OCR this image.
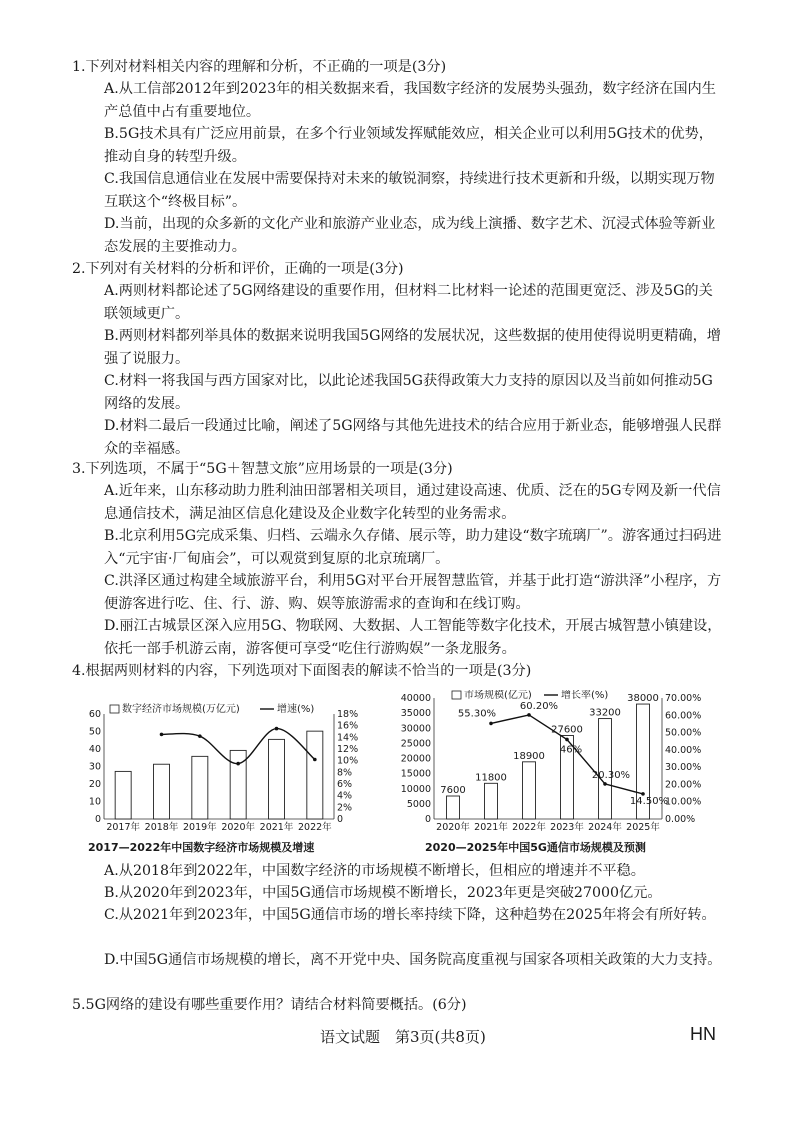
1.下列对材料相关内容的理解和分析，不正确的一项是(3分)
A.从工信部2012年到2023年的相关数据来看，我国数字经济的发展势头强劲，数字经济在国内生产总值中占有重要地位。
B.5G技术具有广泛应用前景，在多个行业领域发挥赋能效应，相关企业可以利用5G技术的优势，推动自身的转型升级。
C.我国信息通信业在发展中需要保持对未来的敏锐洞察，持续进行技术更新和升级，以期实现万物互联这个“终极目标”。
D.当前，出现的众多新的文化产业和旅游产业业态，成为线上演播、数字艺术、沉浸式体验等新业态发展的主要推动力。
2.下列对有关材料的分析和评价，正确的一项是(3分)
A.两则材料都论述了5G网络建设的重要作用，但材料二比材料一论述的范围更宽泛、涉及5G的关联领域更广。
B.两则材料都列举具体的数据来说明我国5G网络的发展状况，这些数据的使用使得说明更精确，增强了说服力。
C.材料一将我国与西方国家对比，以此论述我国5G获得政策大力支持的原因以及当前如何推动5G网络的发展。
D.材料二最后一段通过比喻，阐述了5G网络与其他先进技术的结合应用于新业态，能够增强人民群众的幸福感。
3.下列选项，不属于“5G＋智慧文旅”应用场景的一项是(3分)
A.近年来，山东移动助力胜利油田部署相关项目，通过建设高速、优质、泛在的5G专网及新一代信息通信技术，满足油区信息化建设及企业数字化转型的业务需求。
B.北京利用5G完成采集、归档、云端永久存储、展示等，助力建设“数字琉璃厂”。游客通过扫码进入“元宇宙·厂甸庙会”，可以观赏到复原的北京琉璃厂。
C.洪泽区通过构建全域旅游平台，利用5G对平台开展智慧监管，并基于此打造“游洪泽”小程序，方便游客进行吃、住、行、游、购、娱等旅游需求的查询和在线订购。
D.丽江古城景区深入应用5G、物联网、大数据、人工智能等数字化技术，开展古城智慧小镇建设，依托一部手机游云南，游客便可享受“吃住行游购娱”一条龙服务。
4.根据两则材料的内容，下列选项对下面图表的解读不恰当的一项是(3分)
0
10
20
30
40
50
60
0
2%
4%
6%
8%
10%
12%
14%
16%
18%
2017年 2018年 2019年 2020年 2021年 2022年
数字经济市场规模(万亿元)	增速(%)
0
5000
10000
15000
20000
25000
30000
35000
40000
0.00%
10.00%
20.00%
30.00%
40.00%
50.00%
60.00%
70.00%
7600
11800
18900
27600
33200
38000
2020年 2021年 2022年 2023年 2024年 2025年
55.30%
60.20%
46%
20.30%
14.50%
市场规模(亿元)	增长率(%)
2017—2022年中国数字经济市场规模及增速	2020—2025年中国5G通信市场规模及预测
A.从2018年到2022年，中国数字经济的市场规模不断增长，但相应的增速并不平稳。
B.从2020年到2023年，中国5G通信市场规模不断增长，2023年更是突破27000亿元。
C.从2021年到2023年，中国5G通信市场的增长率持续下降，这种趋势在2025年将会有所好转。
D.中国5G通信市场规模的增长，离不开党中央、国务院高度重视与国家各项相关政策的大力支持。
5.5G网络的建设有哪些重要作用？请结合材料简要概括。(6分)
语文试题　第3页(共8页)	HN
